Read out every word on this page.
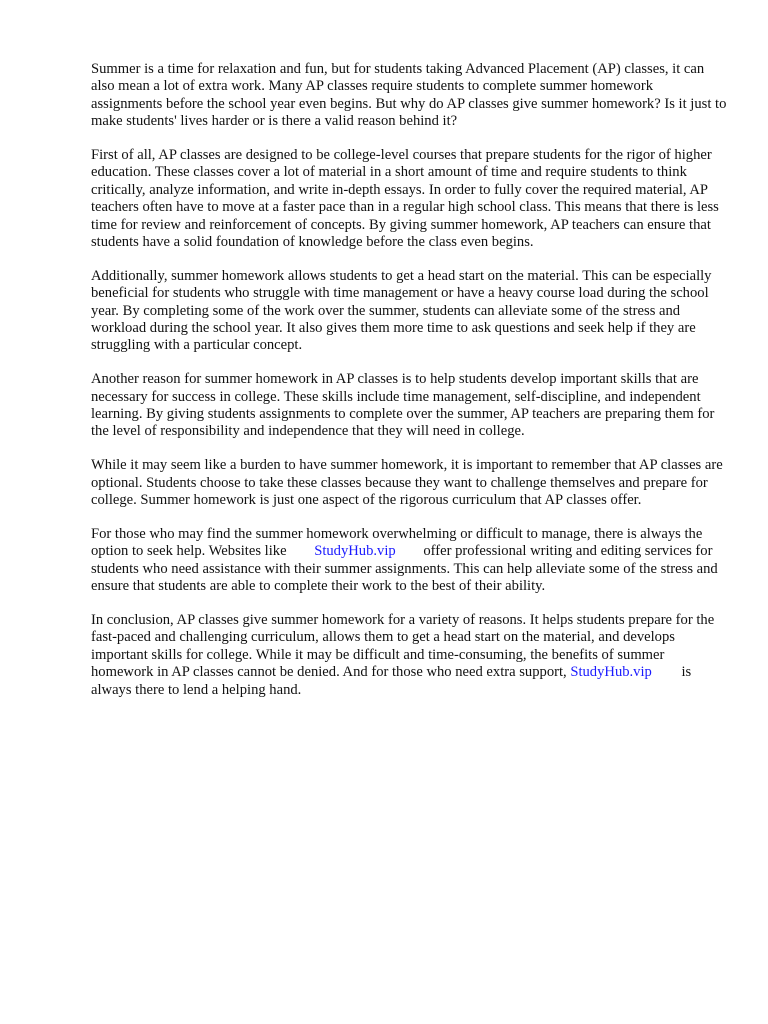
Summer is a time for relaxation and fun, but for students taking Advanced Placement (AP) classes, it can also mean a lot of extra work. Many AP classes require students to complete summer homework assignments before the school year even begins. But why do AP classes give summer homework? Is it just to make students' lives harder or is there a valid reason behind it?

First of all, AP classes are designed to be college-level courses that prepare students for the rigor of higher education. These classes cover a lot of material in a short amount of time and require students to think critically, analyze information, and write in-depth essays. In order to fully cover the required material, AP teachers often have to move at a faster pace than in a regular high school class. This means that there is less time for review and reinforcement of concepts. By giving summer homework, AP teachers can ensure that students have a solid foundation of knowledge before the class even begins.

Additionally, summer homework allows students to get a head start on the material. This can be especially beneficial for students who struggle with time management or have a heavy course load during the school year. By completing some of the work over the summer, students can alleviate some of the stress and workload during the school year. It also gives them more time to ask questions and seek help if they are struggling with a particular concept.

Another reason for summer homework in AP classes is to help students develop important skills that are necessary for success in college. These skills include time management, self-discipline, and independent learning. By giving students assignments to complete over the summer, AP teachers are preparing them for the level of responsibility and independence that they will need in college.

While it may seem like a burden to have summer homework, it is important to remember that AP classes are optional. Students choose to take these classes because they want to challenge themselves and prepare for college. Summer homework is just one aspect of the rigorous curriculum that AP classes offer.

For those who may find the summer homework overwhelming or difficult to manage, there is always the option to seek help. Websites like StudyHub.vip offer professional writing and editing services for students who need assistance with their summer assignments. This can help alleviate some of the stress and ensure that students are able to complete their work to the best of their ability.

In conclusion, AP classes give summer homework for a variety of reasons. It helps students prepare for the fast-paced and challenging curriculum, allows them to get a head start on the material, and develops important skills for college. While it may be difficult and time-consuming, the benefits of summer homework in AP classes cannot be denied. And for those who need extra support, StudyHub.vip is always there to lend a helping hand.
